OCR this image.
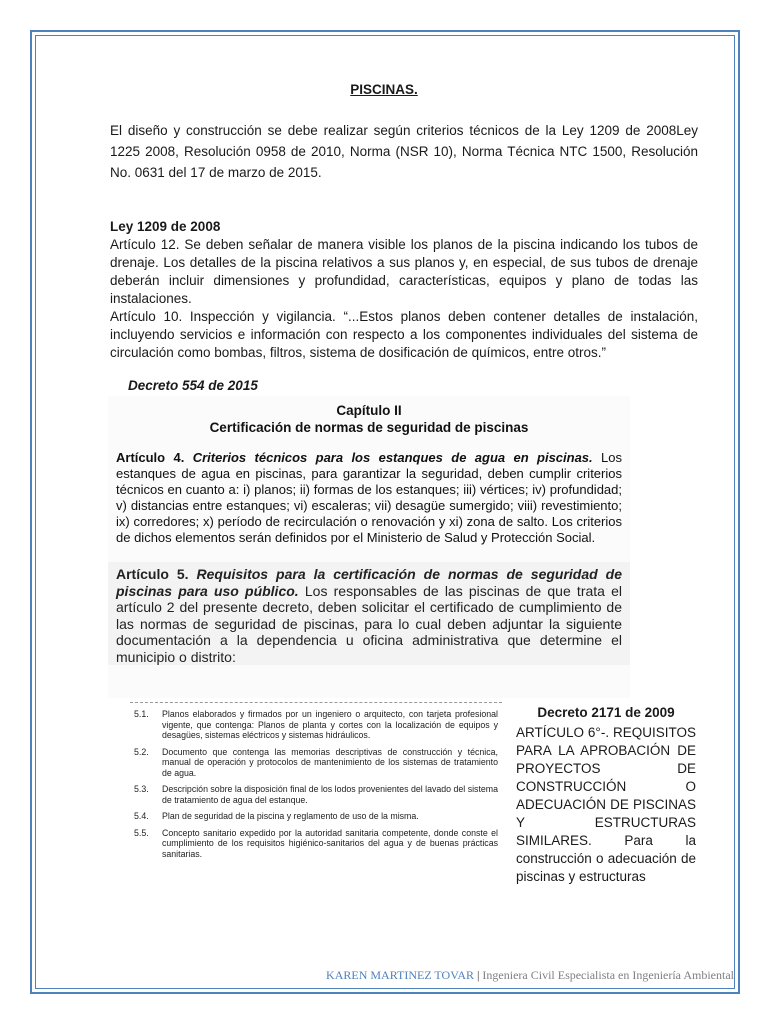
PISCINAS.

El diseño y construcción se debe realizar según criterios técnicos de la Ley 1209 de 2008Ley 1225 2008, Resolución 0958 de 2010, Norma (NSR 10), Norma Técnica NTC 1500, Resolución No. 0631 del 17 de marzo de 2015.

Ley 1209 de 2008

Artículo 12. Se deben señalar de manera visible los planos de la piscina indicando los tubos de drenaje. Los detalles de la piscina relativos a sus planos y, en especial, de sus tubos de drenaje deberán incluir dimensiones y profundidad, características, equipos y plano de todas las instalaciones.

Artículo 10. Inspección y vigilancia. “...Estos planos deben contener detalles de instalación, incluyendo servicios e información con respecto a los componentes individuales del sistema de circulación como bombas, filtros, sistema de dosificación de químicos, entre otros.”

Decreto 554 de 2015
Capítulo II
Certificación de normas de seguridad de piscinas

Artículo 4. Criterios técnicos para los estanques de agua en piscinas. Los estanques de agua en piscinas, para garantizar la seguridad, deben cumplir criterios técnicos en cuanto a: i) planos; ii) formas de los estanques; iii) vértices; iv) profundidad; v) distancias entre estanques; vi) escaleras; vii) desagüe sumergido; viii) revestimiento; ix) corredores; x) período de recirculación o renovación y xi) zona de salto. Los criterios de dichos elementos serán definidos por el Ministerio de Salud y Protección Social.

Artículo 5. Requisitos para la certificación de normas de seguridad de piscinas para uso público. Los responsables de las piscinas de que trata el artículo 2 del presente decreto, deben solicitar el certificado de cumplimiento de las normas de seguridad de piscinas, para lo cual deben adjuntar la siguiente documentación a la dependencia u oficina administrativa que determine el municipio o distrito:

5.1.	Planos elaborados y firmados por un ingeniero o arquitecto, con tarjeta profesional vigente, que contenga: Planos de planta y cortes con la localización de equipos y desagües, sistemas eléctricos y sistemas hidráulicos.
5.2.	Documento que contenga las memorias descriptivas de construcción y técnica, manual de operación y protocolos de mantenimiento de los sistemas de tratamiento de agua.
5.3.	Descripción sobre la disposición final de los lodos provenientes del lavado del sistema de tratamiento de agua del estanque.
5.4.	Plan de seguridad de la piscina y reglamento de uso de la misma.
5.5.	Concepto sanitario expedido por la autoridad sanitaria competente, donde conste el cumplimiento de los requisitos higiénico-sanitarios del agua y de buenas prácticas sanitarias.
Decreto 2171 de 2009

ARTÍCULO 6°-. REQUISITOS PARA LA APROBACIÓN DE PROYECTOS DE CONSTRUCCIÓN O ADECUACIÓN DE PISCINAS Y ESTRUCTURAS SIMILARES. Para la construcción o adecuación de piscinas y estructuras

KAREN MARTINEZ TOVAR | Ingeniera Civil Especialista en Ingeniería Ambiental
